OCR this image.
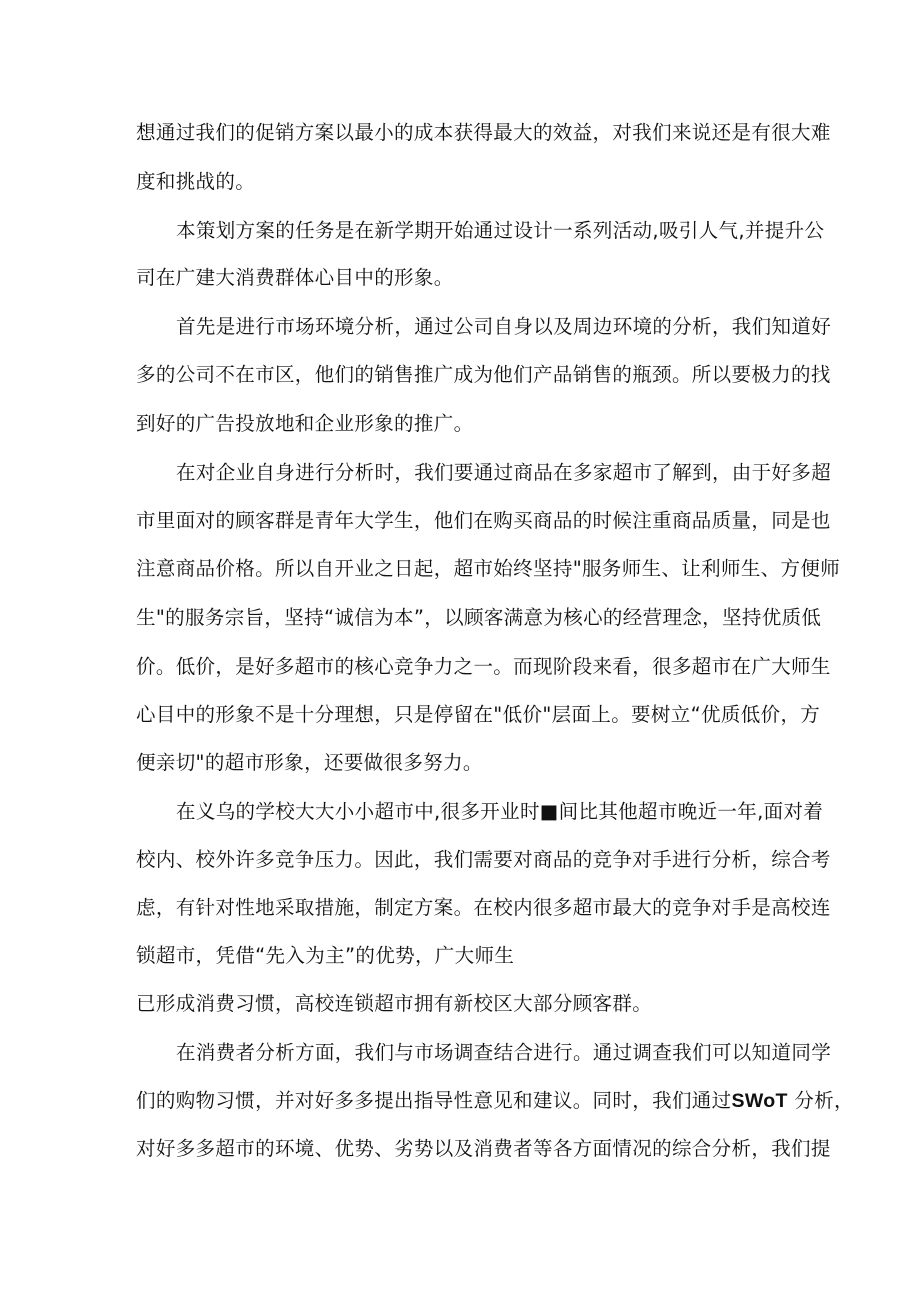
想通过我们的促销方案以最小的成本获得最大的效益，对我们来说还是有很大难
度和挑战的。
本策划方案的任务是在新学期开始通过设计一系列活动,吸引人气,并提升公
司在广建大消费群体心目中的形象。
首先是进行市场环境分析，通过公司自身以及周边环境的分析，我们知道好
多的公司不在市区，他们的销售推广成为他们产品销售的瓶颈。所以要极力的找
到好的广告投放地和企业形象的推广。
在对企业自身进行分析时，我们要通过商品在多家超市了解到，由于好多超
市里面对的顾客群是青年大学生，他们在购买商品的时候注重商品质量，同是也
注意商品价格。所以自开业之日起，超市始终坚持"服务师生、让利师生、方便师
生"的服务宗旨，坚持“诚信为本”，以顾客满意为核心的经营理念，坚持优质低
价。低价，是好多超市的核心竞争力之一。而现阶段来看，很多超市在广大师生
心目中的形象不是十分理想，只是停留在"低价"层面上。要树立“优质低价，方
便亲切"的超市形象，还要做很多努力。
在义乌的学校大大小小超市中,很多开业时■间比其他超市晚近一年,面对着
校内、校外许多竞争压力。因此，我们需要对商品的竞争对手进行分析，综合考
虑，有针对性地采取措施，制定方案。在校内很多超市最大的竞争对手是高校连
锁超市，凭借“先入为主”的优势，广大师生
已形成消费习惯，高校连锁超市拥有新校区大部分顾客群。
在消费者分析方面，我们与市场调查结合进行。通过调查我们可以知道同学
们的购物习惯，并对好多多提出指导性意见和建议。同时，我们通过SWoT 分析，
对好多多超市的环境、优势、劣势以及消费者等各方面情况的综合分析，我们提
